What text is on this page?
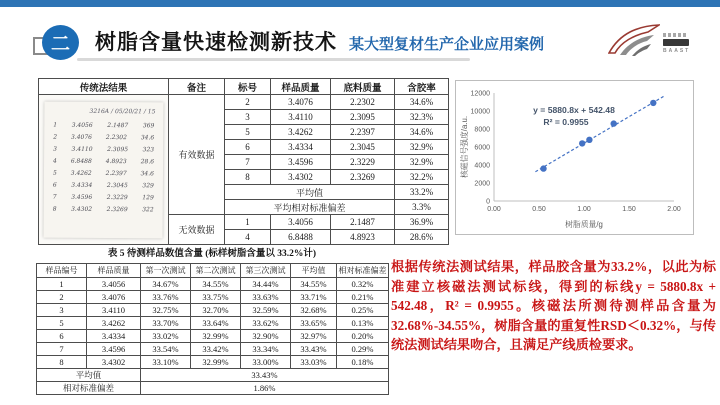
二 树脂含量快速检测新技术 某大型复材生产企业应用案例	BAAST
传统法结果	备注	标号	样品质量	底料质量	含胶率

3216A / 05/20/21 / 15
1 3.4056 2.1487 369
2 3.4076 2.2302 34.6
3 3.4110 2.3095 323
4 6.8488 4.8923 28.6
5 3.4262 2.2397 34.6
6 3.4334 2.3045 329
7 3.4596 2.3229 129
8 3.4302 2.3269 322
	有效数据	2	3.4076	2.2302	34.6%
		3	3.4110	2.3095	32.3%
		5	3.4262	2.2397	34.6%
		6	3.4334	2.3045	32.9%
		7	3.4596	2.3229	32.9%
		8	3.4302	2.3269	32.2%
		平均值			33.2%
		平均相对标准偏差			3.3%
	无效数据	1	3.4056	2.1487	36.9%
		4	6.8488	4.8923	28.6%
0
2000
4000
6000
8000
10000
12000
0.00	0.50	1.00	1.50	2.00
y = 5880.8x + 542.48
R² = 0.9955
树脂质量/g
核磁信号强度/a.u.
表 5 待测样品数值含量 (标样树脂含量以 33.2%计)
样品编号	样品质量	第一次测试	第二次测试	第三次测试	平均值	相对标准偏差
1	3.4056	34.67%	34.55%	34.44%	34.55%	0.32%
2	3.4076	33.76%	33.75%	33.63%	33.71%	0.21%
3	3.4110	32.75%	32.70%	32.59%	32.68%	0.25%
5	3.4262	33.70%	33.64%	33.62%	33.65%	0.13%
6	3.4334	33.02%	32.99%	32.90%	32.97%	0.20%
7	3.4596	33.54%	33.42%	33.34%	33.43%	0.29%
8	3.4302	33.10%	32.99%	33.00%	33.03%	0.18%
平均值		33.43%				
相对标准偏差		1.86%				
根据传统法测试结果，样品胶含量为33.2%，以此为标准建立核磁法测试标线，得到的标线y = 5880.8x + 542.48，R² = 0.9955。核磁法所测待测样品含量为32.68%-34.55%，树脂含量的重复性RSD＜0.32%，与传统法测试结果吻合，且满足产线质检要求。
